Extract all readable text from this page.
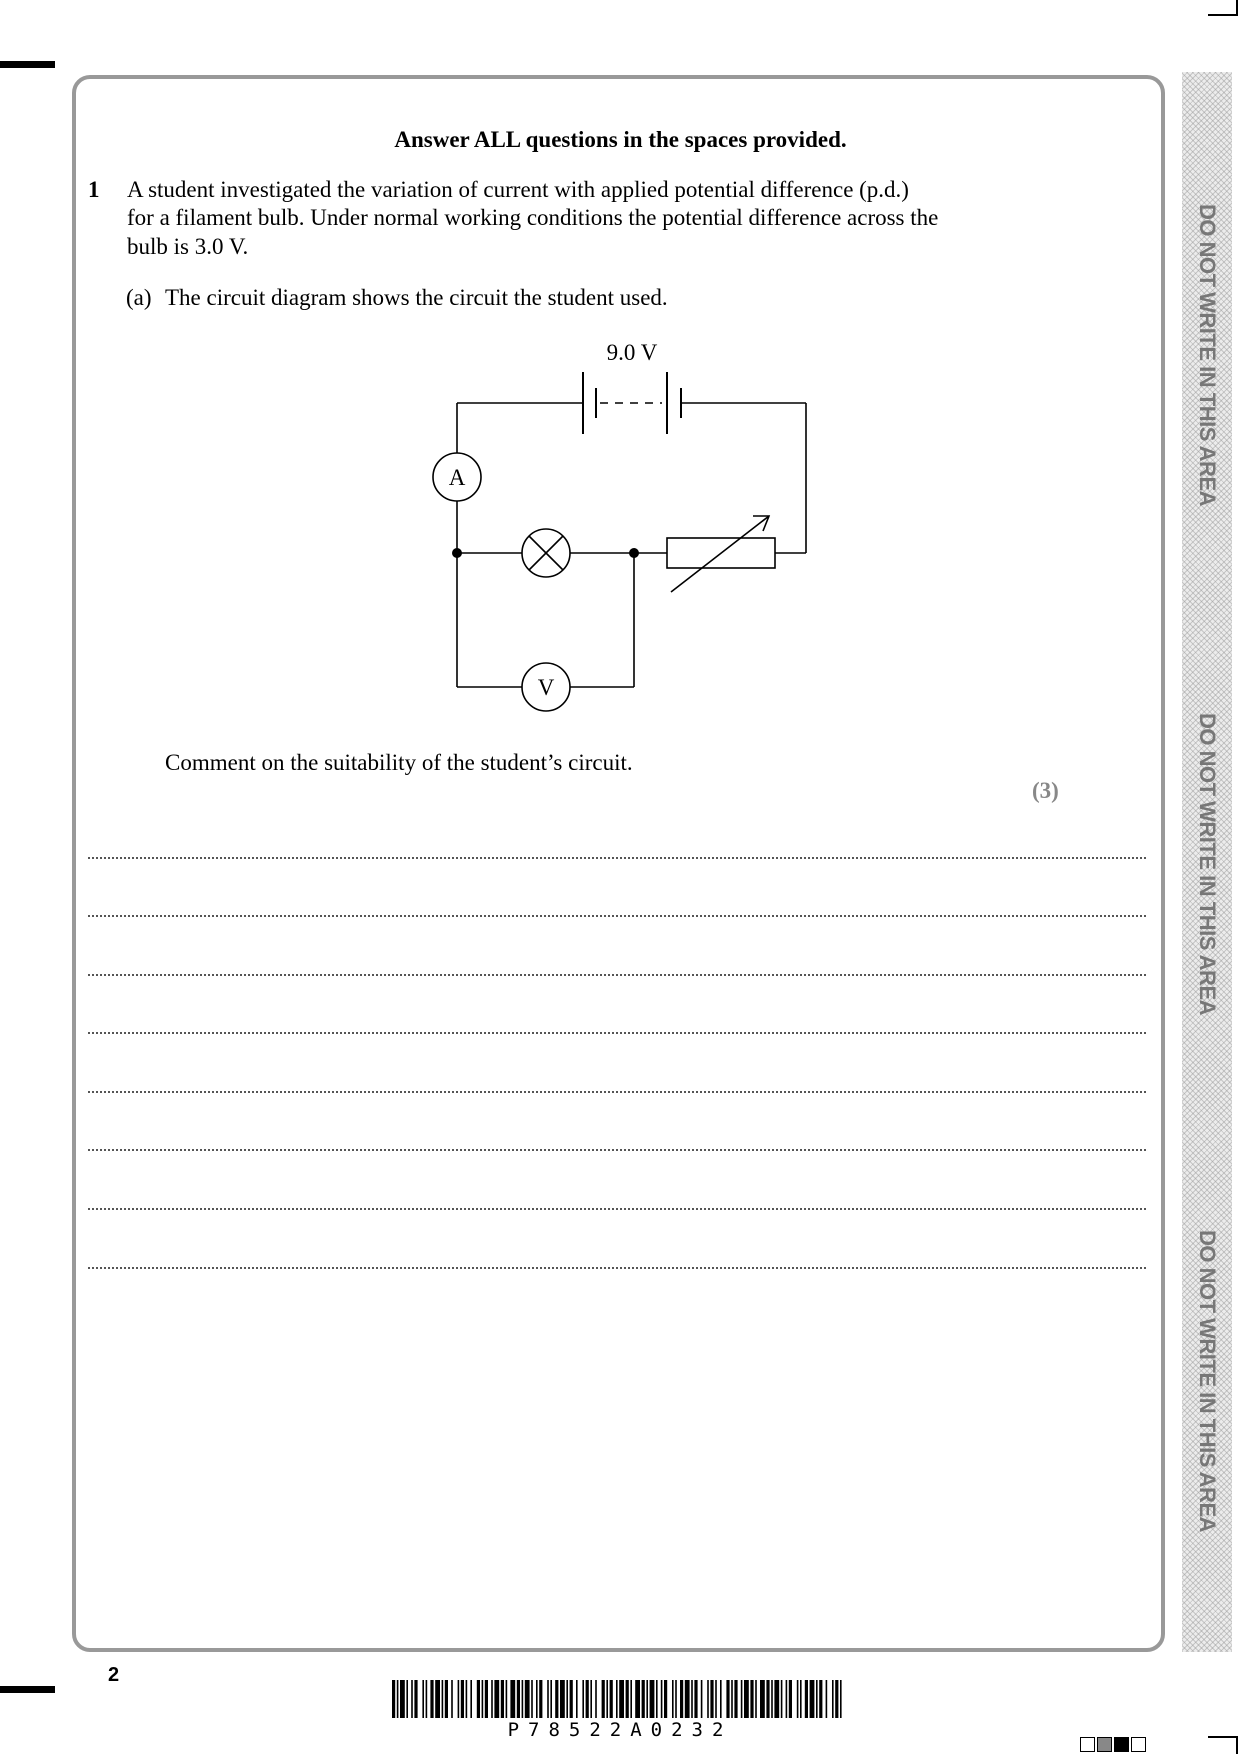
DO NOT WRITE IN THIS AREA
DO NOT WRITE IN THIS AREA
DO NOT WRITE IN THIS AREA
Answer ALL questions in the spaces provided.
1 A student investigated the variation of current with applied potential difference (p.d.)
for a filament bulb. Under normal working conditions the potential difference across the
bulb is 3.0 V.
(a) The circuit diagram shows the circuit the student used.
9.0 V
A
V
Comment on the suitability of the student’s circuit.
(3)
2
P78522A0232
